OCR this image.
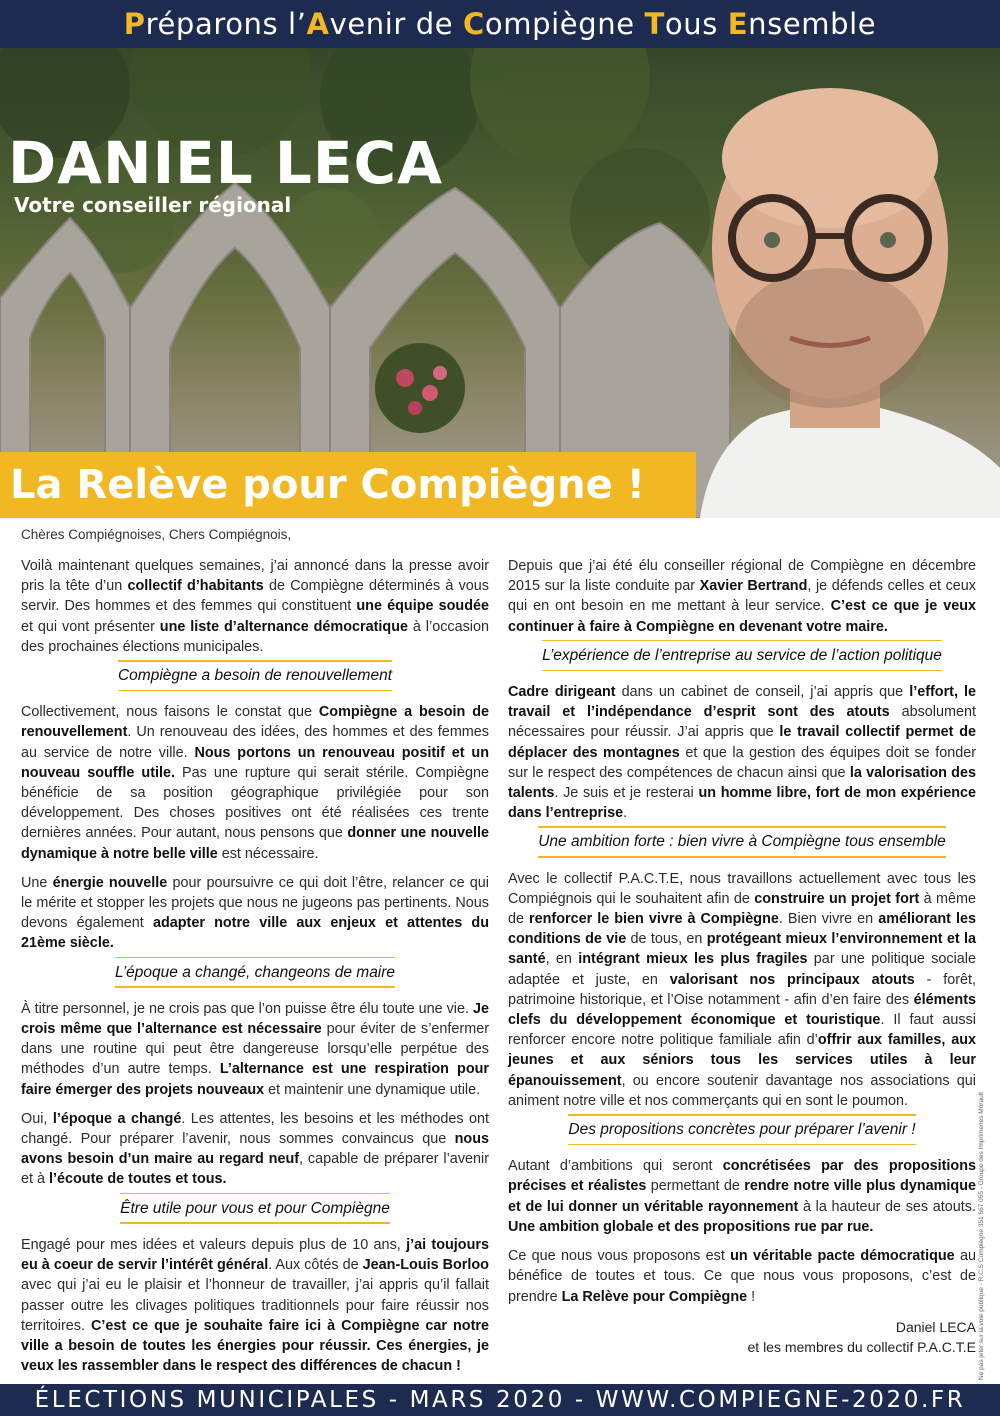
Préparons l’Avenir de Compiègne Tous Ensemble
DANIEL LECA
Votre conseiller régional
La Relève pour Compiègne !
Chères Compiégnoises, Chers Compiégnois,

Voilà maintenant quelques semaines, j’ai annoncé dans la presse avoir pris la tête d’un collectif d’habitants de Compiègne déterminés à vous servir. Des hommes et des femmes qui constituent une équipe soudée et qui vont présenter une liste d’alternance démocratique à l’occasion des prochaines élections municipales.

Compiègne a besoin de renouvellement

Collectivement, nous faisons le constat que Compiègne a besoin de renouvellement. Un renouveau des idées, des hommes et des femmes au service de notre ville. Nous portons un renouveau positif et un nouveau souffle utile. Pas une rupture qui serait stérile. Compiègne bénéficie de sa position géographique privilégiée pour son développement. Des choses positives ont été réalisées ces trente dernières années. Pour autant, nous pensons que donner une nouvelle dynamique à notre belle ville est nécessaire.

Une énergie nouvelle pour poursuivre ce qui doit l’être, relancer ce qui le mérite et stopper les projets que nous ne jugeons pas pertinents. Nous devons également adapter notre ville aux enjeux et attentes du 21ème siècle.

L’époque a changé, changeons de maire

À titre personnel, je ne crois pas que l’on puisse être élu toute une vie. Je crois même que l’alternance est nécessaire pour éviter de s’enfermer dans une routine qui peut être dangereuse lorsqu’elle perpétue des méthodes d’un autre temps. L’alternance est une respiration pour faire émerger des projets nouveaux et maintenir une dynamique utile.

Oui, l’époque a changé. Les attentes, les besoins et les méthodes ont changé. Pour préparer l’avenir, nous sommes convaincus que nous avons besoin d’un maire au regard neuf, capable de préparer l’avenir et à l’écoute de toutes et tous.

Être utile pour vous et pour Compiègne

Engagé pour mes idées et valeurs depuis plus de 10 ans, j’ai toujours eu à coeur de servir l’intérêt général. Aux côtés de Jean-Louis Borloo avec qui j’ai eu le plaisir et l’honneur de travailler, j’ai appris qu’il fallait passer outre les clivages politiques traditionnels pour faire réussir nos territoires. C’est ce que je souhaite faire ici à Compiègne car notre ville a besoin de toutes les énergies pour réussir. Ces énergies, je veux les rassembler dans le respect des différences de chacun !

Depuis que j’ai été élu conseiller régional de Compiègne en décembre 2015 sur la liste conduite par Xavier Bertrand, je défends celles et ceux qui en ont besoin en me mettant à leur service. C’est ce que je veux continuer à faire à Compiègne en devenant votre maire.

L’expérience de l’entreprise au service de l’action politique

Cadre dirigeant dans un cabinet de conseil, j’ai appris que l’effort, le travail et l’indépendance d’esprit sont des atouts absolument nécessaires pour réussir. J’ai appris que le travail collectif permet de déplacer des montagnes et que la gestion des équipes doit se fonder sur le respect des compétences de chacun ainsi que la valorisation des talents. Je suis et je resterai un homme libre, fort de mon expérience dans l’entreprise.

Une ambition forte : bien vivre à Compiègne tous ensemble

Avec le collectif P.A.C.T.E, nous travaillons actuellement avec tous les Compiégnois qui le souhaitent afin de construire un projet fort à même de renforcer le bien vivre à Compiègne. Bien vivre en améliorant les conditions de vie de tous, en protégeant mieux l’environnement et la santé, en intégrant mieux les plus fragiles par une politique sociale adaptée et juste, en valorisant nos principaux atouts - forêt, patrimoine historique, et l’Oise notamment - afin d’en faire des éléments clefs du développement économique et touristique. Il faut aussi renforcer encore notre politique familiale afin d’offrir aux familles, aux jeunes et aux séniors tous les services utiles à leur épanouissement, ou encore soutenir davantage nos associations qui animent notre ville et nos commerçants qui en sont le poumon.

Des propositions concrètes pour préparer l’avenir !

Autant d’ambitions qui seront concrétisées par des propositions précises et réalistes permettant de rendre notre ville plus dynamique et de lui donner un véritable rayonnement à la hauteur de ses atouts. Une ambition globale et des propositions rue par rue.

Ce que nous vous proposons est un véritable pacte démocratique au bénéfice de toutes et tous. Ce que nous vous proposons, c’est de prendre La Relève pour Compiègne !

Daniel LECA
et les membres du collectif P.A.C.T.E Ne pas jeter sur la voie publique - R.C.S Compiègne 351 667 055 - Groupe des Imprimeries Morault
ÉLECTIONS MUNICIPALES - MARS 2020 - WWW.COMPIEGNE-2020.FR
